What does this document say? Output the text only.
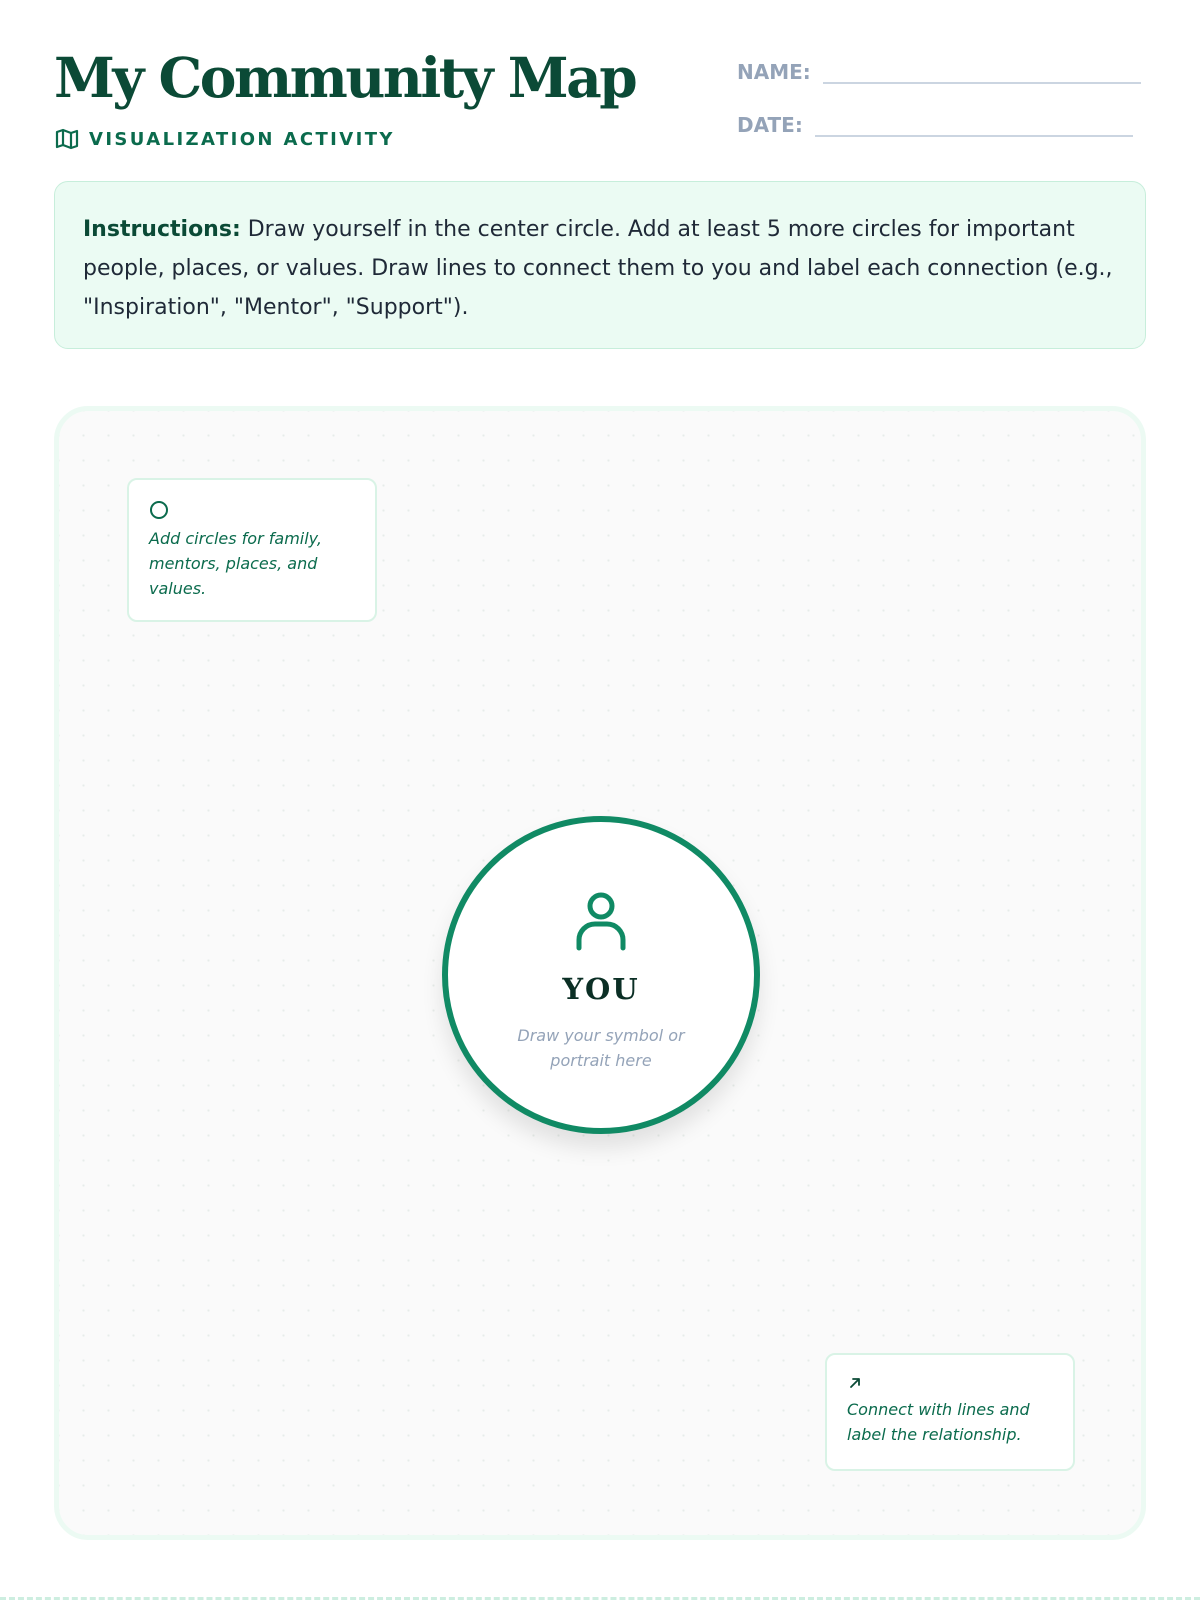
My Community Map
VISUALIZATION ACTIVITY
NAME:
DATE:
Instructions: Draw yourself in the center circle. Add at least 5 more circles for important people, places, or values. Draw lines to connect them to you and label each connection (e.g., "Inspiration", "Mentor", "Support").
Add circles for family, mentors, places, and values.
YOU
Draw your symbol or portrait here
Connect with lines and label the relationship.
